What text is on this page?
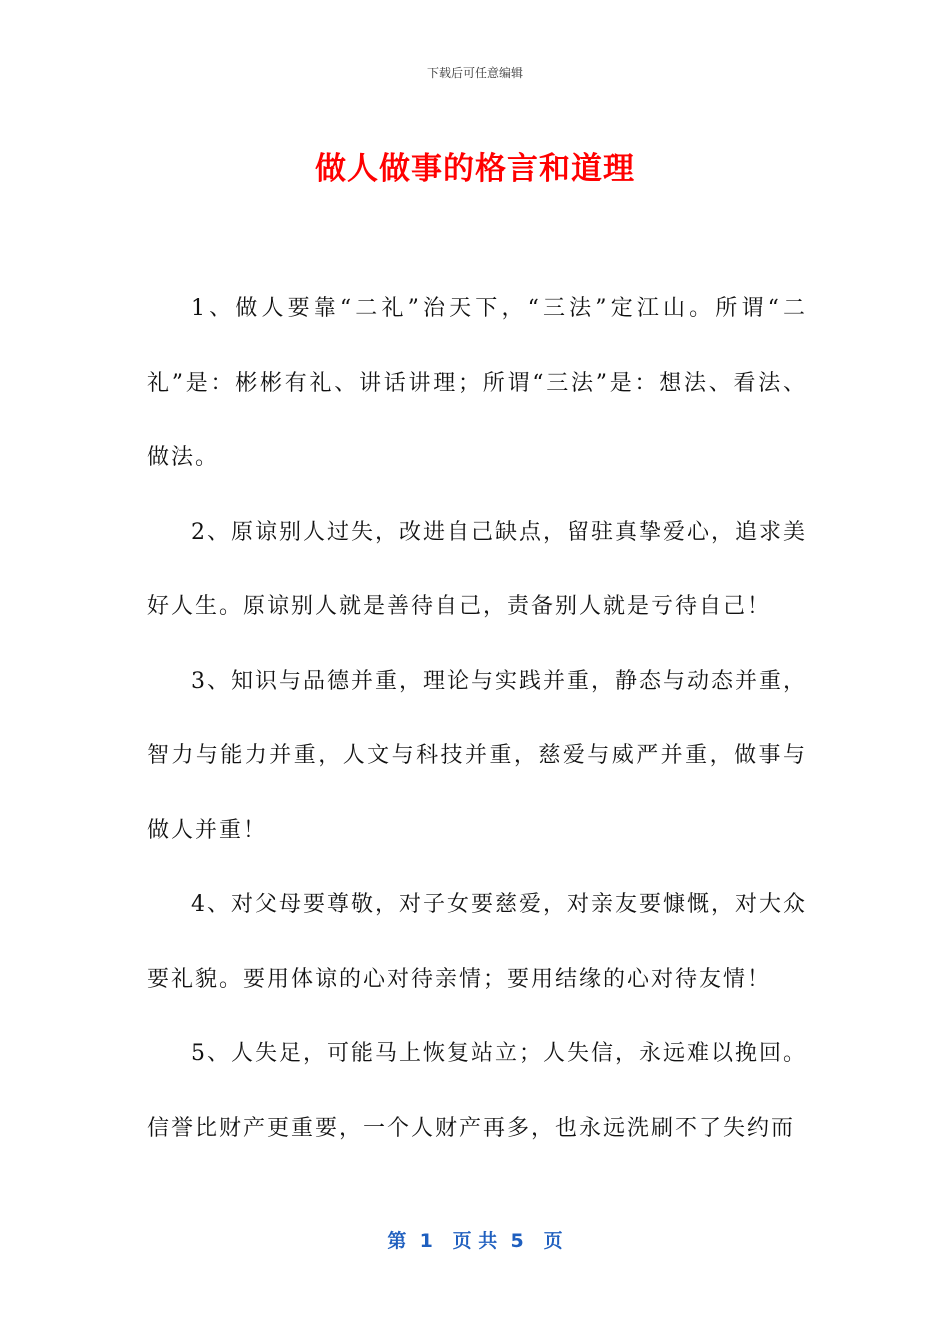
下载后可任意编辑
做人做事的格言和道理

1、做人要靠“二礼”治天下，“三法”定江山。所谓“二礼”是：彬彬有礼、讲话讲理；所谓“三法”是：想法、看法、做法。

2、原谅别人过失，改进自己缺点，留驻真挚爱心，追求美好人生。原谅别人就是善待自己，责备别人就是亏待自己！

3、知识与品德并重，理论与实践并重，静态与动态并重，智力与能力并重，人文与科技并重，慈爱与威严并重，做事与做人并重！

4、对父母要尊敬，对子女要慈爱，对亲友要慷慨，对大众要礼貌。要用体谅的心对待亲情；要用结缘的心对待友情！

5、人失足，可能马上恢复站立；人失信，永远难以挽回。信誉比财产更重要，一个人财产再多，也永远洗刷不了失约而

第  1   页 共  5   页
